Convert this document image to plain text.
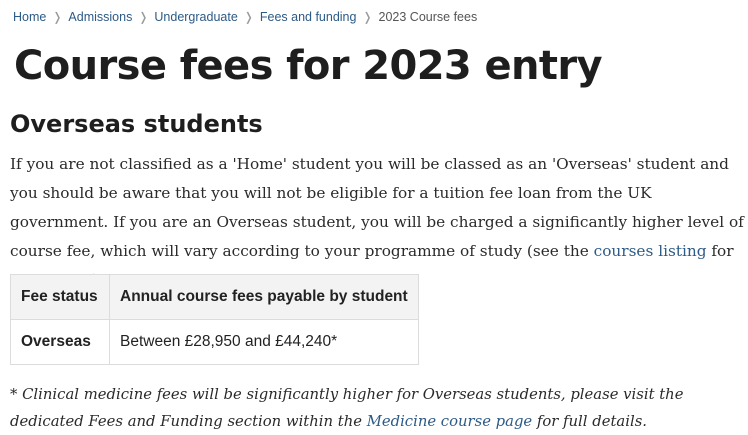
Home ❭ Admissions ❭ Undergraduate ❭ Fees and funding ❭ 2023 Course fees
Course fees for 2023 entry
Overseas students

If you are not classified as a 'Home' student you will be classed as an 'Overseas' student and you should be aware that you will not be eligible for a tuition fee loan from the UK government. If you are an Overseas student, you will be charged a significantly higher level of course fee, which will vary according to your programme of study (see the courses listing for

Fee status	Annual course fees payable by student
Overseas	Between £28,950 and £44,240*

* Clinical medicine fees will be significantly higher for Overseas students, please visit the dedicated Fees and Funding section within the Medicine course page for full details.
